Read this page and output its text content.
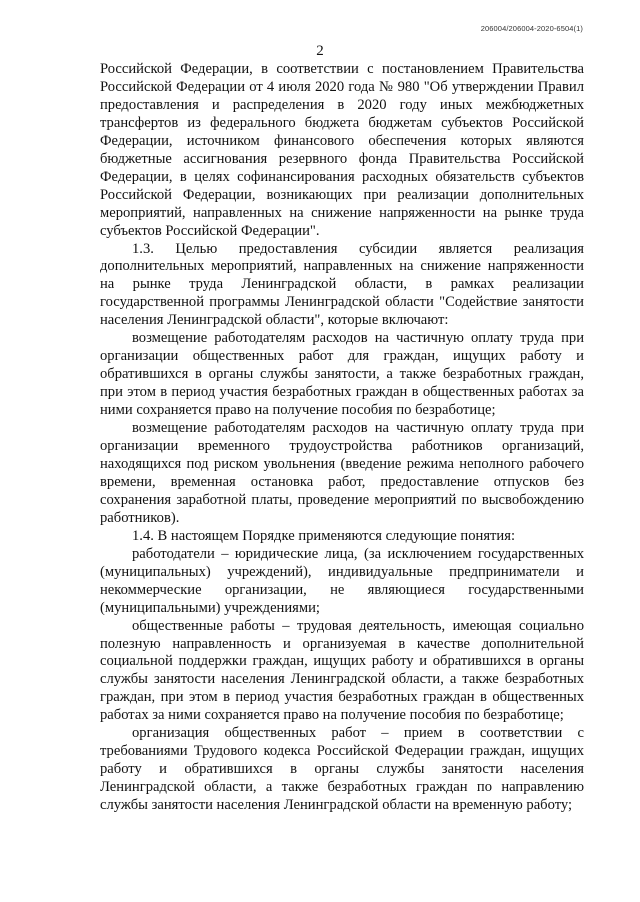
206004/206004-2020-6504(1)
2

Российской Федерации, в соответствии с постановлением Правительства Российской Федерации от 4 июля 2020 года № 980 "Об утверждении Правил предоставления и распределения в 2020 году иных межбюджетных трансфертов из федерального бюджета бюджетам субъектов Российской Федерации, источником финансового обеспечения которых являются бюджетные ассигнования резервного фонда Правительства Российской Федерации, в целях софинансирования расходных обязательств субъектов Российской Федерации, возникающих при реализации дополнительных мероприятий, направленных на снижение напряженности на рынке труда субъектов Российской Федерации".

1.3. Целью предоставления субсидии является реализация дополнительных мероприятий, направленных на снижение напряженности на рынке труда Ленинградской области, в рамках реализации государственной программы Ленинградской области "Содействие занятости населения Ленинградской области", которые включают:

возмещение работодателям расходов на частичную оплату труда при организации общественных работ для граждан, ищущих работу и обратившихся в органы службы занятости, а также безработных граждан, при этом в период участия безработных граждан в общественных работах за ними сохраняется право на получение пособия по безработице;

возмещение работодателям расходов на частичную оплату труда при организации временного трудоустройства работников организаций, находящихся под риском увольнения (введение режима неполного рабочего времени, временная остановка работ, предоставление отпусков без сохранения заработной платы, проведение мероприятий по высвобождению работников).

1.4. В настоящем Порядке применяются следующие понятия:

работодатели – юридические лица, (за исключением государственных (муниципальных) учреждений), индивидуальные предприниматели и некоммерческие организации, не являющиеся государственными (муниципальными) учреждениями;

общественные работы – трудовая деятельность, имеющая социально полезную направленность и организуемая в качестве дополнительной социальной поддержки граждан, ищущих работу и обратившихся в органы службы занятости населения Ленинградской области, а также безработных граждан, при этом в период участия безработных граждан в общественных работах за ними сохраняется право на получение пособия по безработице;

организация общественных работ – прием в соответствии с требованиями Трудового кодекса Российской Федерации граждан, ищущих работу и обратившихся в органы службы занятости населения Ленинградской области, а также безработных граждан по направлению службы занятости населения Ленинградской области на временную работу;
